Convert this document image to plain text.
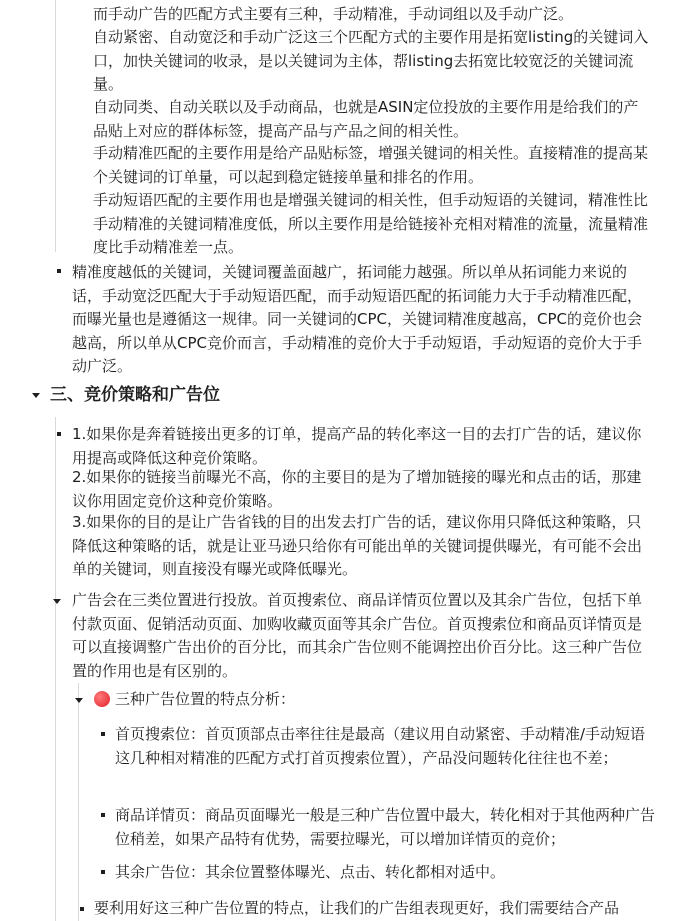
而手动广告的匹配方式主要有三种，手动精准，手动词组以及手动广泛。
自动紧密、自动宽泛和手动广泛这三个匹配方式的主要作用是拓宽listing的关键词入口，加快关键词的收录，是以关键词为主体，帮listing去拓宽比较宽泛的关键词流量。
自动同类、自动关联以及手动商品，也就是ASIN定位投放的主要作用是给我们的产品贴上对应的群体标签，提高产品与产品之间的相关性。
手动精准匹配的主要作用是给产品贴标签，增强关键词的相关性。直接精准的提高某个关键词的订单量，可以起到稳定链接单量和排名的作用。
手动短语匹配的主要作用也是增强关键词的相关性，但手动短语的关键词，精准性比手动精准的关键词精准度低，所以主要作用是给链接补充相对精准的流量，流量精准度比手动精准差一点。
精准度越低的关键词，关键词覆盖面越广，拓词能力越强。所以单从拓词能力来说的话，手动宽泛匹配大于手动短语匹配，而手动短语匹配的拓词能力大于手动精准匹配，而曝光量也是遵循这一规律。同一关键词的CPC，关键词精准度越高，CPC的竞价也会越高，所以单从CPC竞价而言，手动精准的竞价大于手动短语，手动短语的竞价大于手动广泛。
三、竞价策略和广告位
1.如果你是奔着链接出更多的订单，提高产品的转化率这一目的去打广告的话，建议你用提高或降低这种竞价策略。
2.如果你的链接当前曝光不高，你的主要目的是为了增加链接的曝光和点击的话，那建议你用固定竞价这种竞价策略。
3.如果你的目的是让广告省钱的目的出发去打广告的话，建议你用只降低这种策略，只降低这种策略的话，就是让亚马逊只给你有可能出单的关键词提供曝光，有可能不会出单的关键词，则直接没有曝光或降低曝光。
广告会在三类位置进行投放。首页搜索位、商品详情页位置以及其余广告位，包括下单付款页面、促销活动页面、加购收藏页面等其余广告位。首页搜索位和商品页详情页是可以直接调整广告出价的百分比，而其余广告位则不能调控出价百分比。这三种广告位置的作用也是有区别的。
三种广告位置的特点分析：
首页搜索位：首页顶部点击率往往是最高（建议用自动紧密、手动精准/手动短语这几种相对精准的匹配方式打首页搜索位置），产品没问题转化往往也不差；
商品详情页：商品页面曝光一般是三种广告位置中最大，转化相对于其他两种广告位稍差，如果产品特有优势，需要拉曝光，可以增加详情页的竞价；
其余广告位：其余位置整体曝光、点击、转化都相对适中。
要利用好这三种广告位置的特点，让我们的广告组表现更好，我们需要结合产品
